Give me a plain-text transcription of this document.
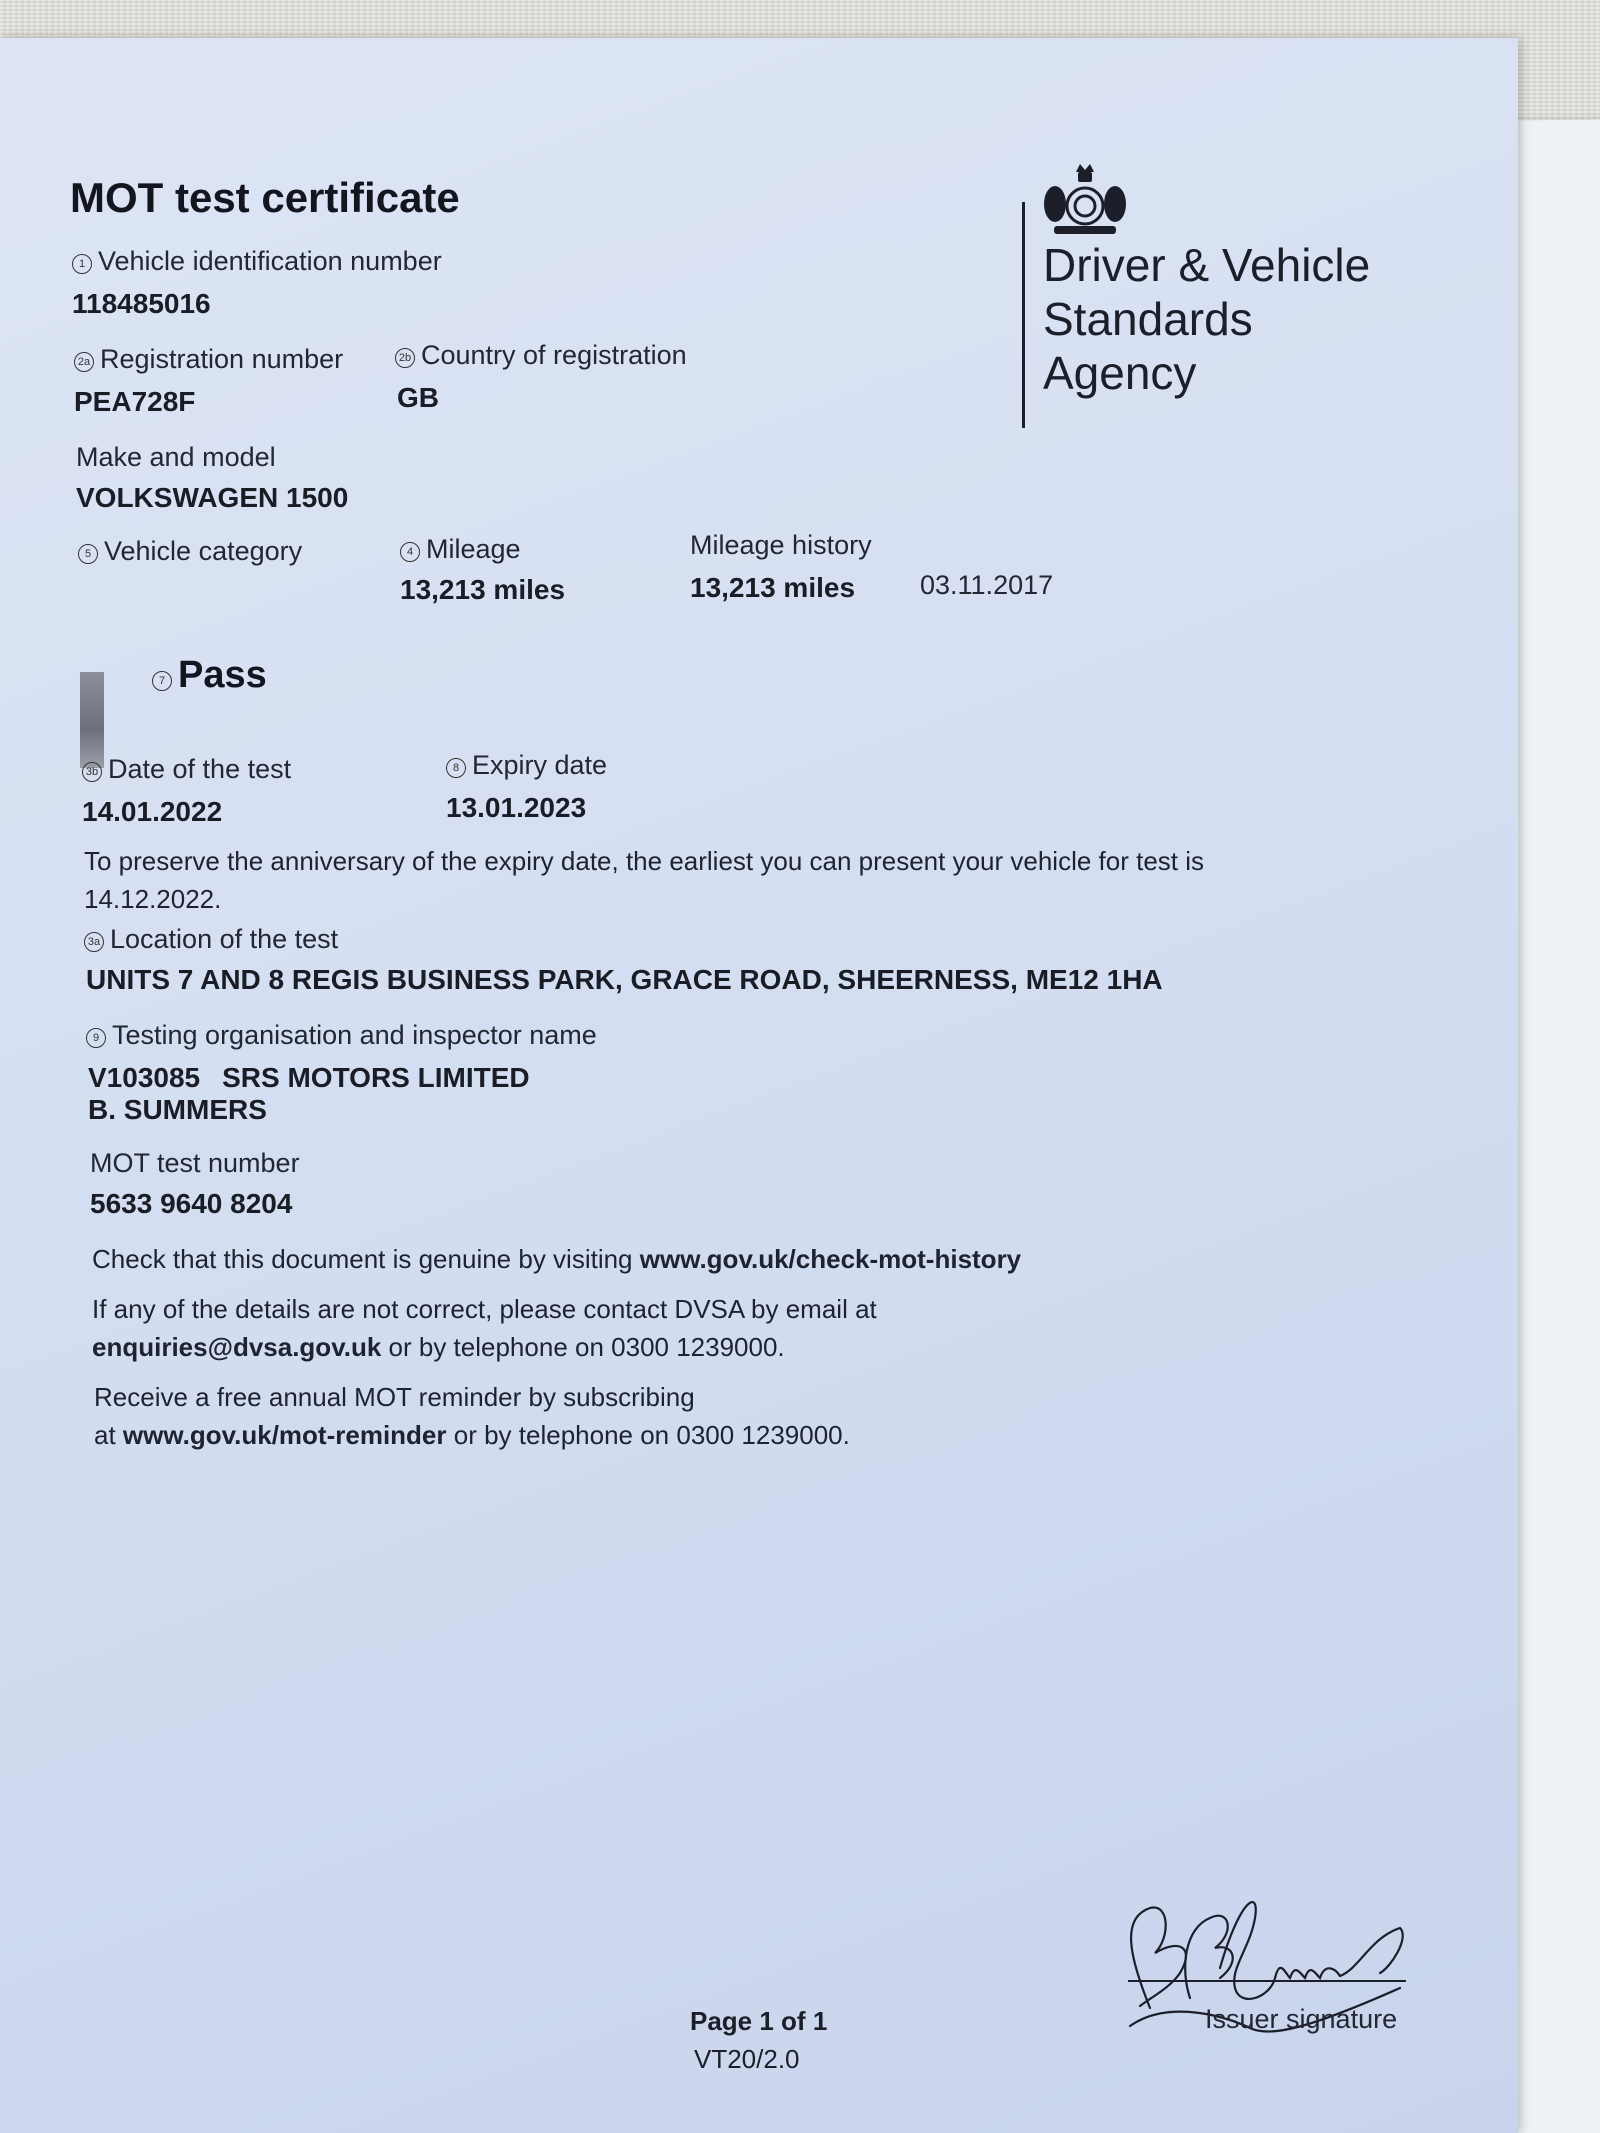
MOT test certificate
Driver & Vehicle
Standards
Agency
1 Vehicle identification number
118485016
2a Registration number
PEA728F
2b Country of registration
GB
Make and model
VOLKSWAGEN 1500
5 Vehicle category	4 Mileage
13,213 miles
Mileage history
13,213 miles 03.11.2017
7 Pass
3b Date of the test
14.01.2022
8 Expiry date
13.01.2023
To preserve the anniversary of the expiry date, the earliest you can present your vehicle for test is
14.12.2022.
3a Location of the test
UNITS 7 AND 8 REGIS BUSINESS PARK, GRACE ROAD, SHEERNESS, ME12 1HA
9 Testing organisation and inspector name
V103085 SRS MOTORS LIMITED
B. SUMMERS
MOT test number
5633 9640 8204
Check that this document is genuine by visiting www.gov.uk/check-mot-history
If any of the details are not correct, please contact DVSA by email at
enquiries@dvsa.gov.uk or by telephone on 0300 1239000.
Receive a free annual MOT reminder by subscribing
at www.gov.uk/mot-reminder or by telephone on 0300 1239000.
Issuer signature
Page 1 of 1
VT20/2.0
